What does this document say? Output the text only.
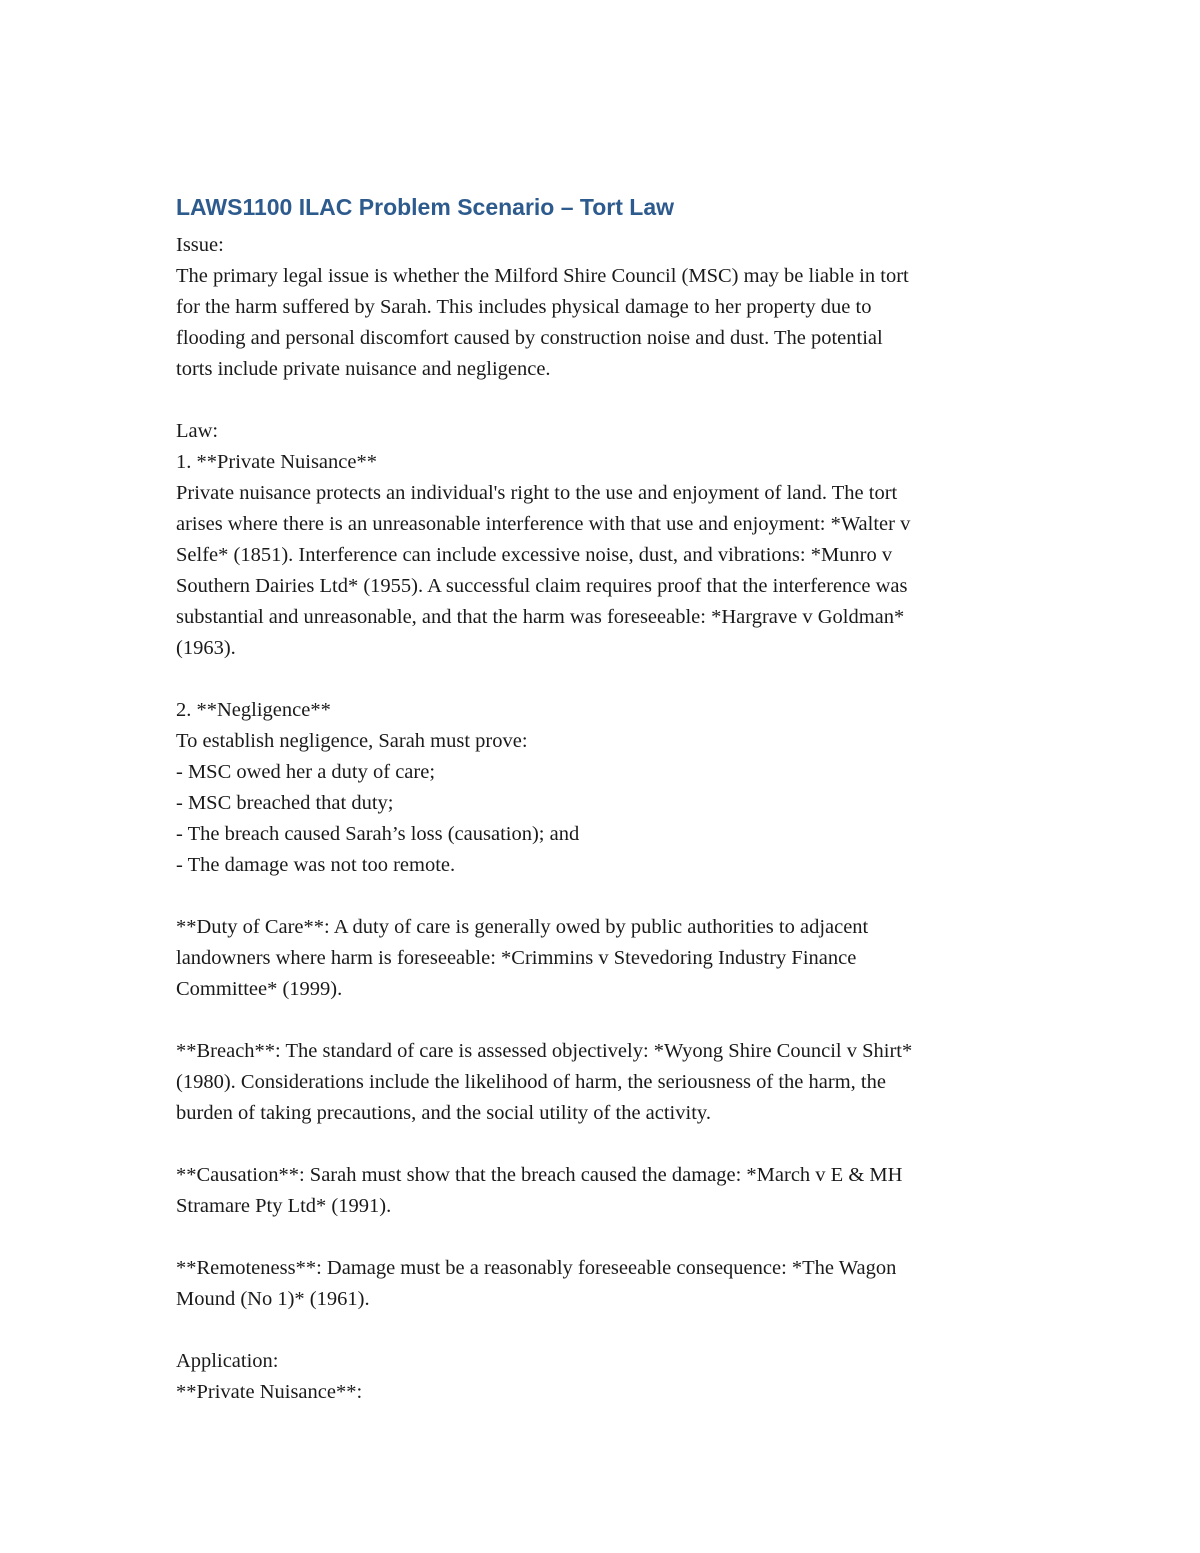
LAWS1100 ILAC Problem Scenario – Tort Law
Issue:
The primary legal issue is whether the Milford Shire Council (MSC) may be liable in tort
for the harm suffered by Sarah. This includes physical damage to her property due to
flooding and personal discomfort caused by construction noise and dust. The potential
torts include private nuisance and negligence.
Law:
1. **Private Nuisance**
Private nuisance protects an individual's right to the use and enjoyment of land. The tort
arises where there is an unreasonable interference with that use and enjoyment: *Walter v
Selfe* (1851). Interference can include excessive noise, dust, and vibrations: *Munro v
Southern Dairies Ltd* (1955). A successful claim requires proof that the interference was
substantial and unreasonable, and that the harm was foreseeable: *Hargrave v Goldman*
(1963).
2. **Negligence**
To establish negligence, Sarah must prove:
- MSC owed her a duty of care;
- MSC breached that duty;
- The breach caused Sarah’s loss (causation); and
- The damage was not too remote.
**Duty of Care**: A duty of care is generally owed by public authorities to adjacent
landowners where harm is foreseeable: *Crimmins v Stevedoring Industry Finance
Committee* (1999).
**Breach**: The standard of care is assessed objectively: *Wyong Shire Council v Shirt*
(1980). Considerations include the likelihood of harm, the seriousness of the harm, the
burden of taking precautions, and the social utility of the activity.
**Causation**: Sarah must show that the breach caused the damage: *March v E & MH
Stramare Pty Ltd* (1991).
**Remoteness**: Damage must be a reasonably foreseeable consequence: *The Wagon
Mound (No 1)* (1961).
Application:
**Private Nuisance**:
